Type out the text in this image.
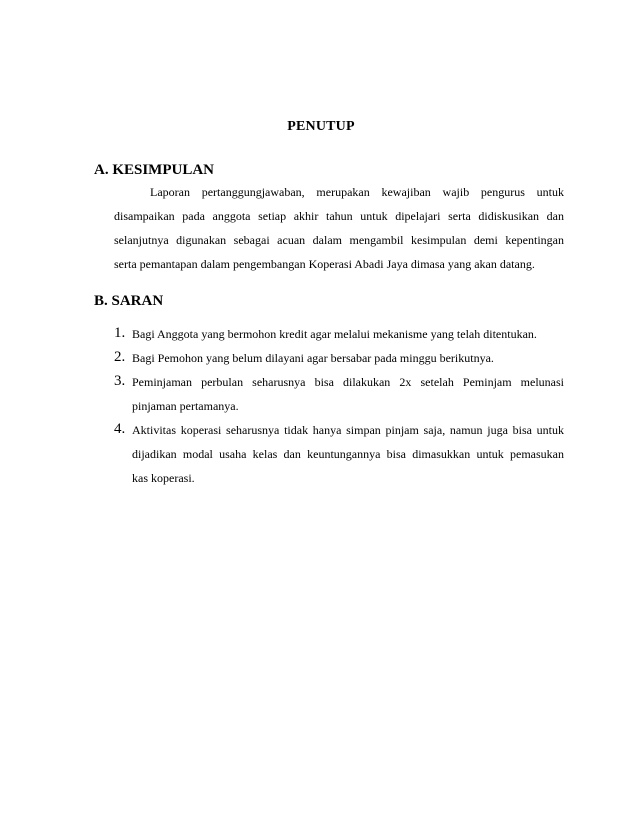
PENUTUP
A. KESIMPULAN
Laporan pertanggungjawaban, merupakan kewajiban wajib pengurus untuk
disampaikan pada anggota setiap akhir tahun untuk dipelajari serta didiskusikan dan
selanjutnya digunakan sebagai acuan dalam mengambil kesimpulan demi kepentingan
serta pemantapan dalam pengembangan Koperasi Abadi Jaya dimasa yang akan datang.
B. SARAN
1. Bagi Anggota yang bermohon kredit agar melalui mekanisme yang telah ditentukan.
2. Bagi Pemohon yang belum dilayani agar bersabar pada minggu berikutnya.
3. Peminjaman perbulan seharusnya bisa dilakukan 2x setelah Peminjam melunasi
pinjaman pertamanya.
4. Aktivitas koperasi seharusnya tidak hanya simpan pinjam saja, namun juga bisa untuk
dijadikan modal usaha kelas dan keuntungannya bisa dimasukkan untuk pemasukan
kas koperasi.
